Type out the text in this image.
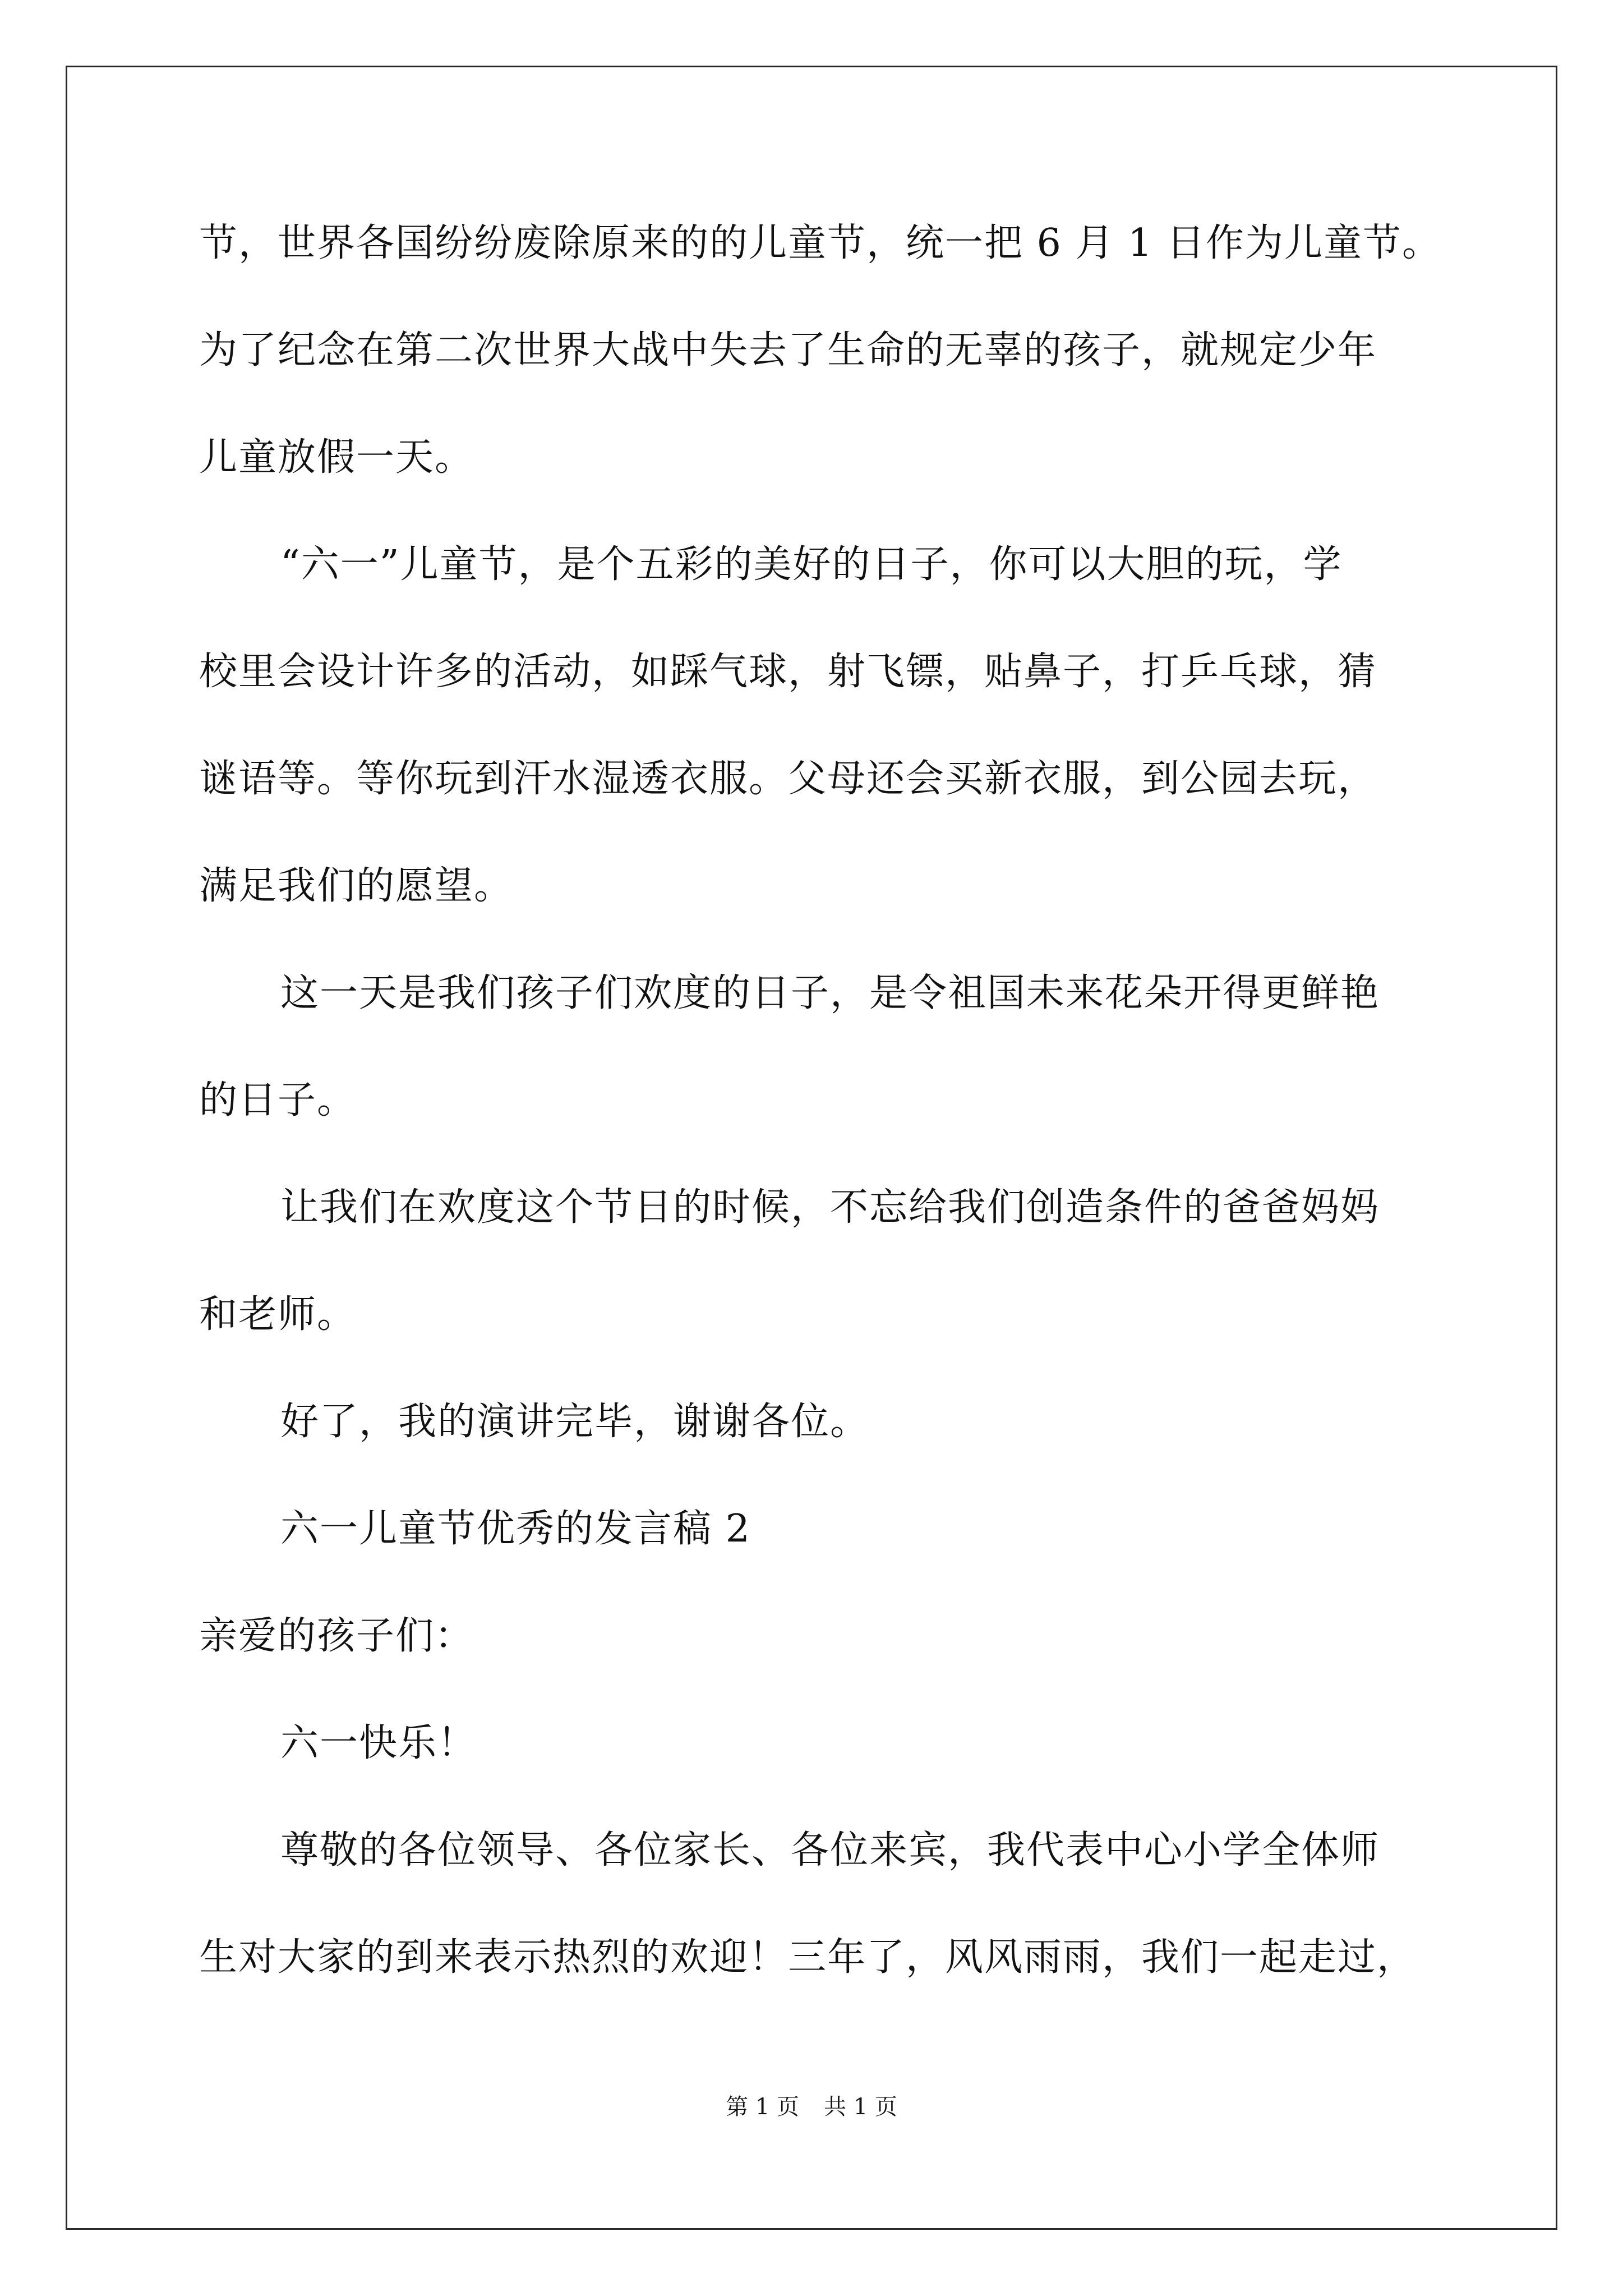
节，世界各国纷纷废除原来的的儿童节，统一把 6 月 1 日作为儿童节。
为了纪念在第二次世界大战中失去了生命的无辜的孩子，就规定少年
儿童放假一天。
“六一”儿童节，是个五彩的美好的日子，你可以大胆的玩，学
校里会设计许多的活动，如踩气球，射飞镖，贴鼻子，打乒乓球，猜
谜语等。等你玩到汗水湿透衣服。父母还会买新衣服，到公园去玩，
满足我们的愿望。
这一天是我们孩子们欢度的日子，是令祖国未来花朵开得更鲜艳
的日子。
让我们在欢度这个节日的时候，不忘给我们创造条件的爸爸妈妈
和老师。
好了，我的演讲完毕，谢谢各位。
六一儿童节优秀的发言稿 2
亲爱的孩子们：
六一快乐！
尊敬的各位领导、各位家长、各位来宾，我代表中心小学全体师
生对大家的到来表示热烈的欢迎！三年了，风风雨雨，我们一起走过，
第 1 页 共 1 页
